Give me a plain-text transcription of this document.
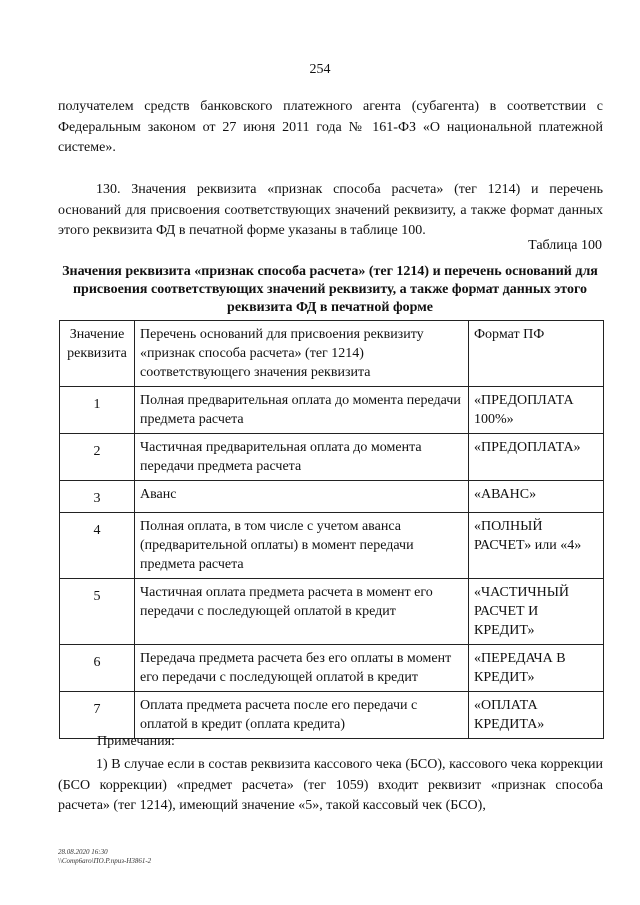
254
получателем средств банковского платежного агента (субагента) в соответствии с Федеральным законом от 27 июня 2011 года № 161-ФЗ «О национальной платежной системе».
130. Значения реквизита «признак способа расчета» (тег 1214) и перечень оснований для присвоения соответствующих значений реквизиту, а также формат данных этого реквизита ФД в печатной форме указаны в таблице 100.
Таблица 100
Значения реквизита «признак способа расчета» (тег 1214) и перечень оснований для присвоения соответствующих значений реквизиту, а также формат данных этого реквизита ФД в печатной форме
Значение реквизита	Перечень оснований для присвоения реквизиту «признак способа расчета» (тег 1214) соответствующего значения реквизита	Формат ПФ
1	Полная предварительная оплата до момента передачи предмета расчета	«ПРЕДОПЛАТА 100%»
2	Частичная предварительная оплата до момента передачи предмета расчета	«ПРЕДОПЛАТА»
3	Аванс	«АВАНС»
4	Полная оплата, в том числе с учетом аванса (предварительной оплаты) в момент передачи предмета расчета	«ПОЛНЫЙ РАСЧЕТ» или «4»
5	Частичная оплата предмета расчета в момент его передачи с последующей оплатой в кредит	«ЧАСТИЧНЫЙ РАСЧЕТ И КРЕДИТ»
6	Передача предмета расчета без его оплаты в момент его передачи с последующей оплатой в кредит	«ПЕРЕДАЧА В КРЕДИТ»
7	Оплата предмета расчета после его передачи с оплатой в кредит (оплата кредита)	«ОПЛАТА КРЕДИТА»
Примечания:
1) В случае если в состав реквизита кассового чека (БСО), кассового чека коррекции (БСО коррекции) «предмет расчета» (тег 1059) входит реквизит «признак способа расчета» (тег 1214), имеющий значение «5», такой кассовый чек (БСО),
28.08.2020 16:30
\\Comp6aro\ПО.Р.приз-Н3861-2
